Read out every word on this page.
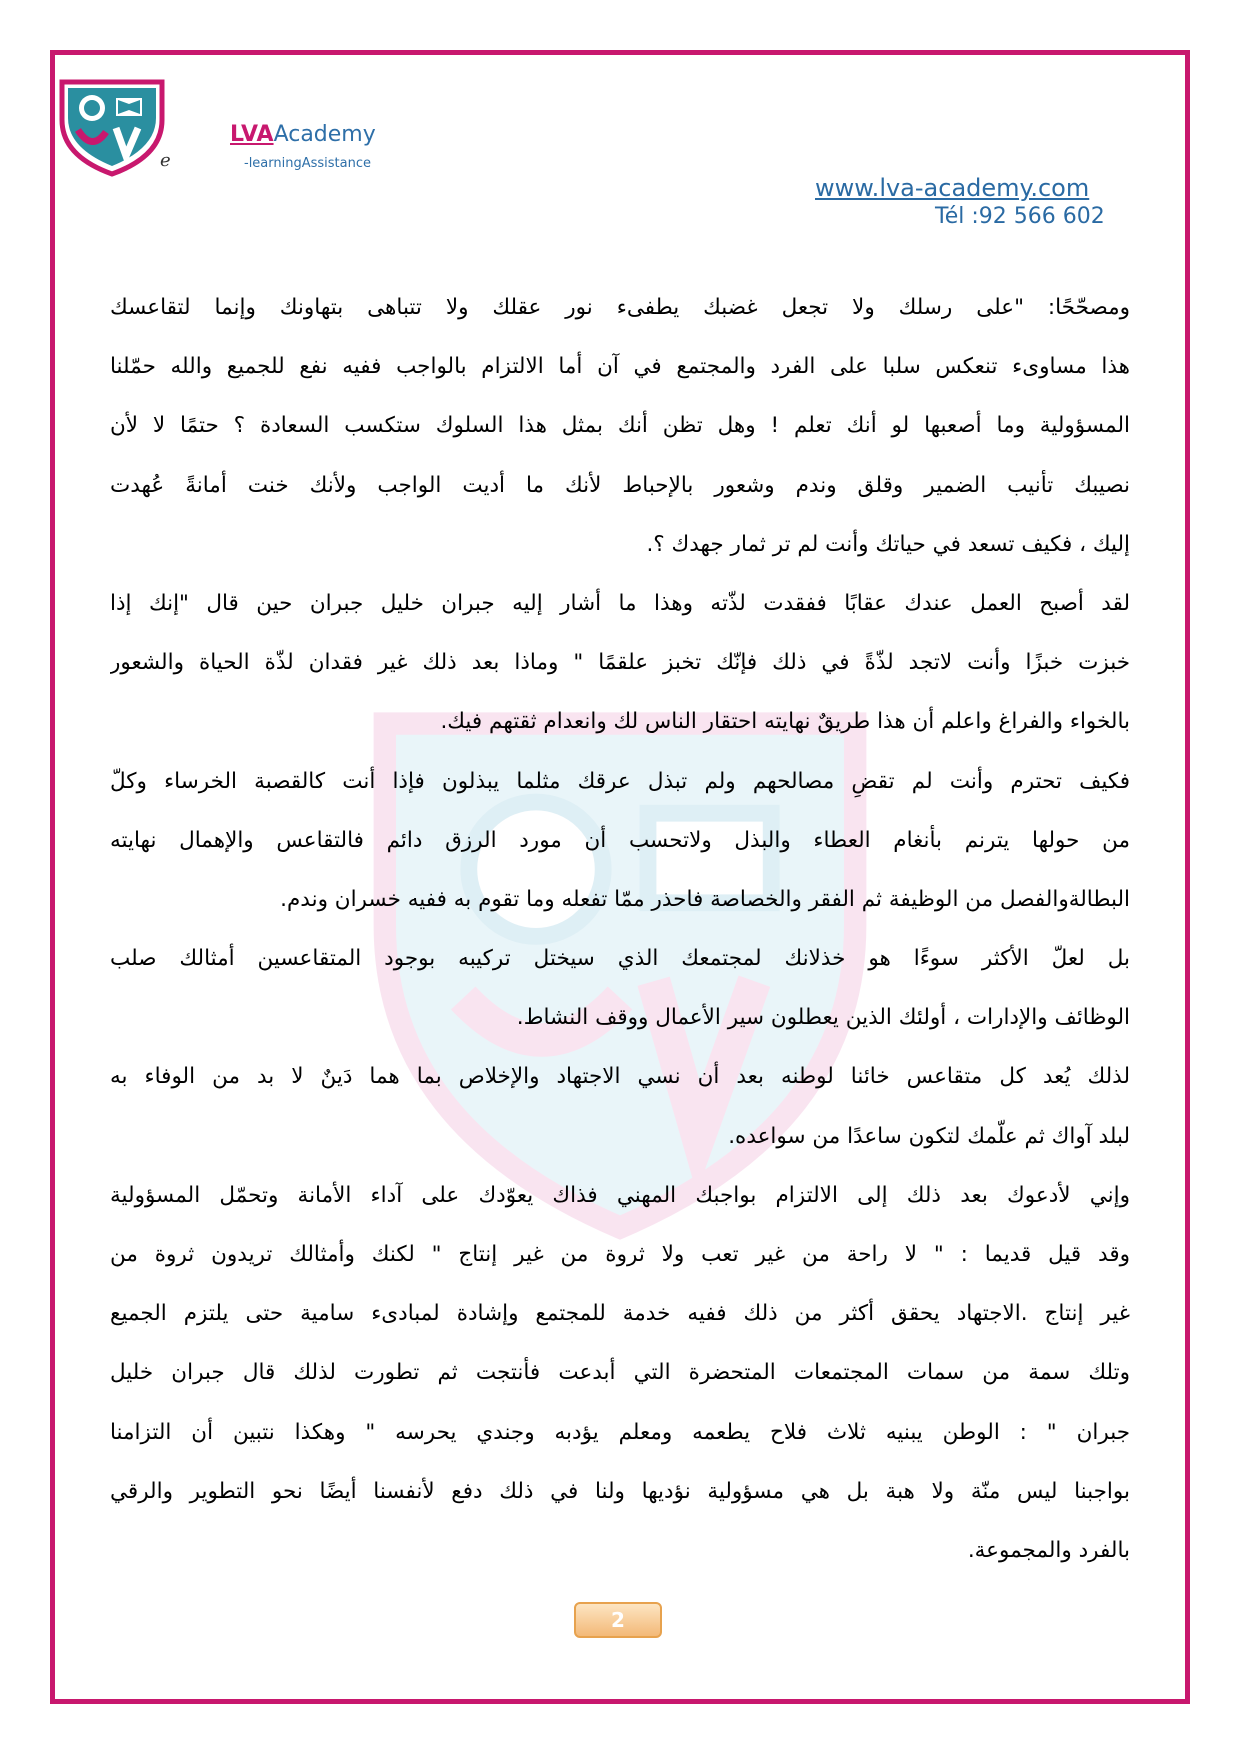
e
LVAAcademy
-learningAssistance
www.lva-academy.com
Tél :92 566 602
ومصحّحًا: "على رسلك ولا تجعل غضبك يطفىء نور عقلك ولا تتباهى بتهاونك وإنما لتقاعسك
هذا مساوىء تنعكس سلبا على الفرد والمجتمع في آن أما الالتزام بالواجب ففيه نفع للجميع والله حمّلنا
المسؤولية وما أصعبها لو أنك تعلم ! وهل تظن أنك بمثل هذا السلوك ستكسب السعادة ؟ حتمًا لا لأن
نصيبك تأنيب الضمير وقلق وندم وشعور بالإحباط لأنك ما أديت الواجب ولأنك خنت أمانةً عُهدت
إليك ، فكيف تسعد في حياتك وأنت لم تر ثمار جهدك ؟.
لقد أصبح العمل عندك عقابًا ففقدت لذّته وهذا ما أشار إليه جبران خليل جبران حين قال "إنك إذا
خبزت خبزًا وأنت لاتجد لذّةً في ذلك فإنّك تخبز علقمًا " وماذا بعد ذلك غير فقدان لذّة الحياة والشعور
بالخواء والفراغ واعلم أن هذا طريقٌ نهايته احتقار الناس لك وانعدام ثقتهم فيك.
فكيف تحترم وأنت لم تقضِ مصالحهم ولم تبذل عرقك مثلما يبذلون فإذا أنت كالقصبة الخرساء وكلّ
من حولها يترنم بأنغام العطاء والبذل ولاتحسب أن مورد الرزق دائم فالتقاعس والإهمال نهايته
البطالةوالفصل من الوظيفة ثم الفقر والخصاصة فاحذر ممّا تفعله وما تقوم به ففيه خسران وندم.
بل لعلّ الأكثر سوءًا هو خذلانك لمجتمعك الذي سيختل تركيبه بوجود المتقاعسين أمثالك صلب
الوظائف والإدارات ، أولئك الذين يعطلون سير الأعمال ووقف النشاط.
لذلك يُعد كل متقاعس خائنا لوطنه بعد أن نسي الاجتهاد والإخلاص بما هما دَينٌ لا بد من الوفاء به
لبلد آواك ثم علّمك لتكون ساعدًا من سواعده.
وإني لأدعوك بعد ذلك إلى الالتزام بواجبك المهني فذاك يعوّدك على آداء الأمانة وتحمّل المسؤولية
وقد قيل قديما : " لا راحة من غير تعب ولا ثروة من غير إنتاج " لكنك وأمثالك تريدون ثروة من
غير إنتاج .الاجتهاد يحقق أكثر من ذلك ففيه خدمة للمجتمع وإشادة لمبادىء سامية حتى يلتزم الجميع
وتلك سمة من سمات المجتمعات المتحضرة التي أبدعت فأنتجت ثم تطورت لذلك قال جبران خليل
جبران " : الوطن يبنيه ثلاث فلاح يطعمه ومعلم يؤدبه وجندي يحرسه " وهكذا نتبين أن التزامنا
بواجبنا ليس منّة ولا هبة بل هي مسؤولية نؤديها ولنا في ذلك دفع لأنفسنا أيضًا نحو التطوير والرقي
بالفرد والمجموعة.
2
